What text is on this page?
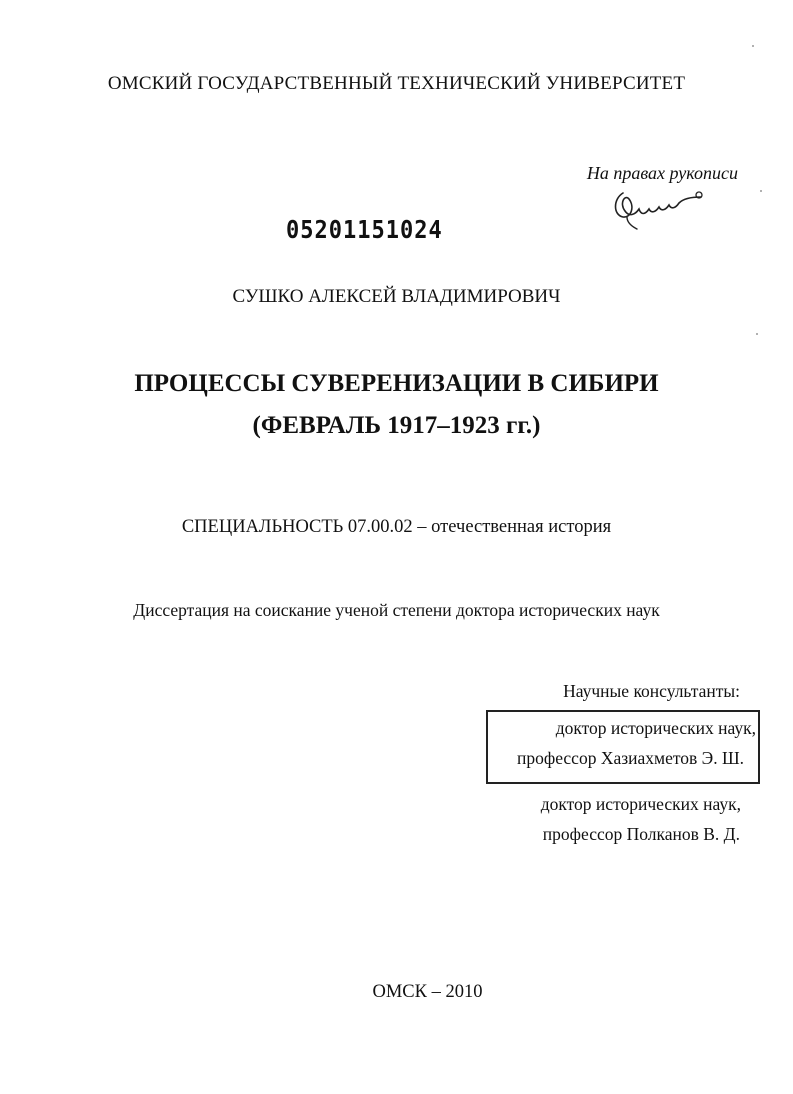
ОМСКИЙ ГОСУДАРСТВЕННЫЙ ТЕХНИЧЕСКИЙ УНИВЕРСИТЕТ
На правах рукописи
05201151024
СУШКО АЛЕКСЕЙ ВЛАДИМИРОВИЧ
ПРОЦЕССЫ СУВЕРЕНИЗАЦИИ В СИБИРИ
(ФЕВРАЛЬ 1917–1923 гг.)
СПЕЦИАЛЬНОСТЬ 07.00.02 – отечественная история
Диссертация на соискание ученой степени доктора исторических наук
Научные консультанты:
доктор исторических наук,
профессор Хазиахметов Э. Ш.
доктор исторических наук,
профессор Полканов В. Д.
ОМСК – 2010
